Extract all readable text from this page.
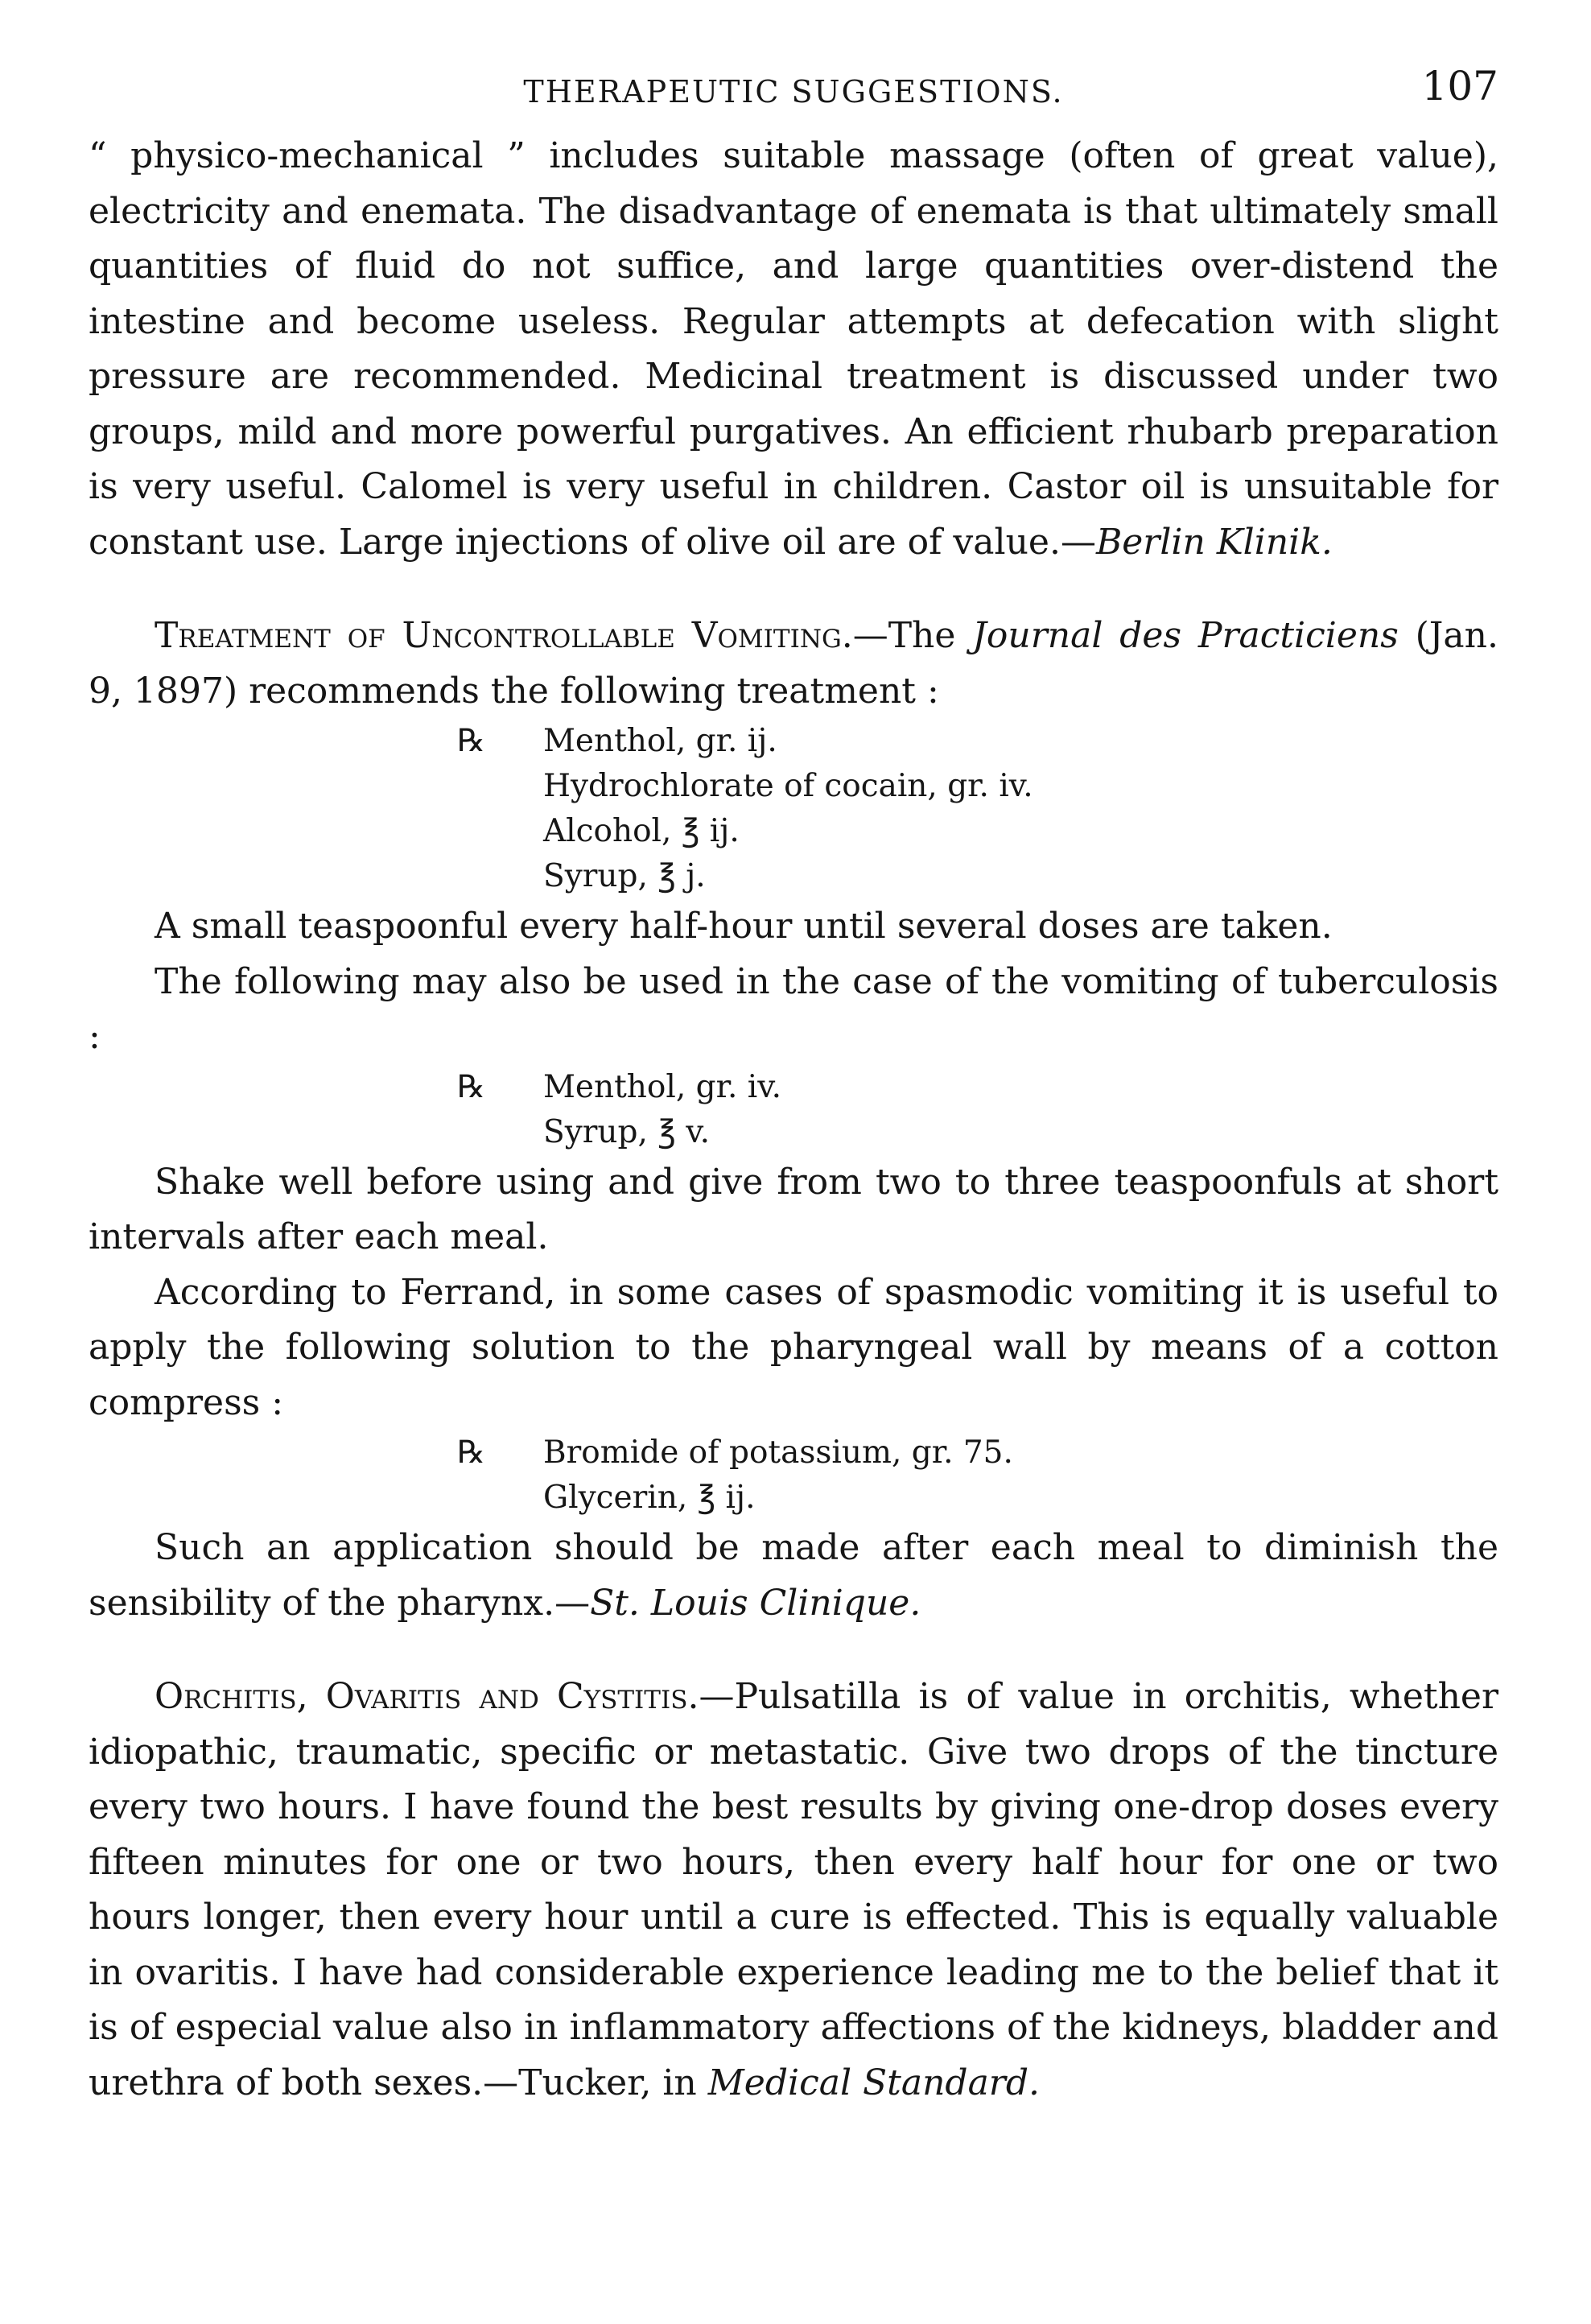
THERAPEUTIC SUGGESTIONS.	107

“ physico-mechanical ” includes suitable massage (often of great value), electricity and enemata. The disadvantage of enemata is that ultimately small quantities of fluid do not suffice, and large quantities over-distend the intestine and become useless. Regular attempts at defecation with slight pressure are recommended. Medicinal treatment is discussed under two groups, mild and more powerful purgatives. An efficient rhubarb preparation is very useful. Calomel is very useful in children. Castor oil is unsuitable for constant use. Large injections of olive oil are of value.—Berlin Klinik.

Treatment of Uncontrollable Vomiting.—The Journal des Practiciens (Jan. 9, 1897) recommends the following treatment :

℞ Menthol, gr. ij.
Hydrochlorate of cocain, gr. iv.
Alcohol, ℥ ij.
Syrup, ℥ j.

A small teaspoonful every half-hour until several doses are taken.

The following may also be used in the case of the vomiting of tuberculosis :

℞ Menthol, gr. iv.
Syrup, ℥ v.

Shake well before using and give from two to three teaspoonfuls at short intervals after each meal.

According to Ferrand, in some cases of spasmodic vomiting it is useful to apply the following solution to the pharyngeal wall by means of a cotton compress :

℞ Bromide of potassium, gr. 75.
Glycerin, ℥ ij.

Such an application should be made after each meal to diminish the sensibility of the pharynx.—St. Louis Clinique.

Orchitis, Ovaritis and Cystitis.—Pulsatilla is of value in orchitis, whether idiopathic, traumatic, specific or metastatic. Give two drops of the tincture every two hours. I have found the best results by giving one-drop doses every fifteen minutes for one or two hours, then every half hour for one or two hours longer, then every hour until a cure is effected. This is equally valuable in ovaritis. I have had considerable experience leading me to the belief that it is of especial value also in inflammatory affections of the kidneys, bladder and urethra of both sexes.—Tucker, in Medical Standard.
